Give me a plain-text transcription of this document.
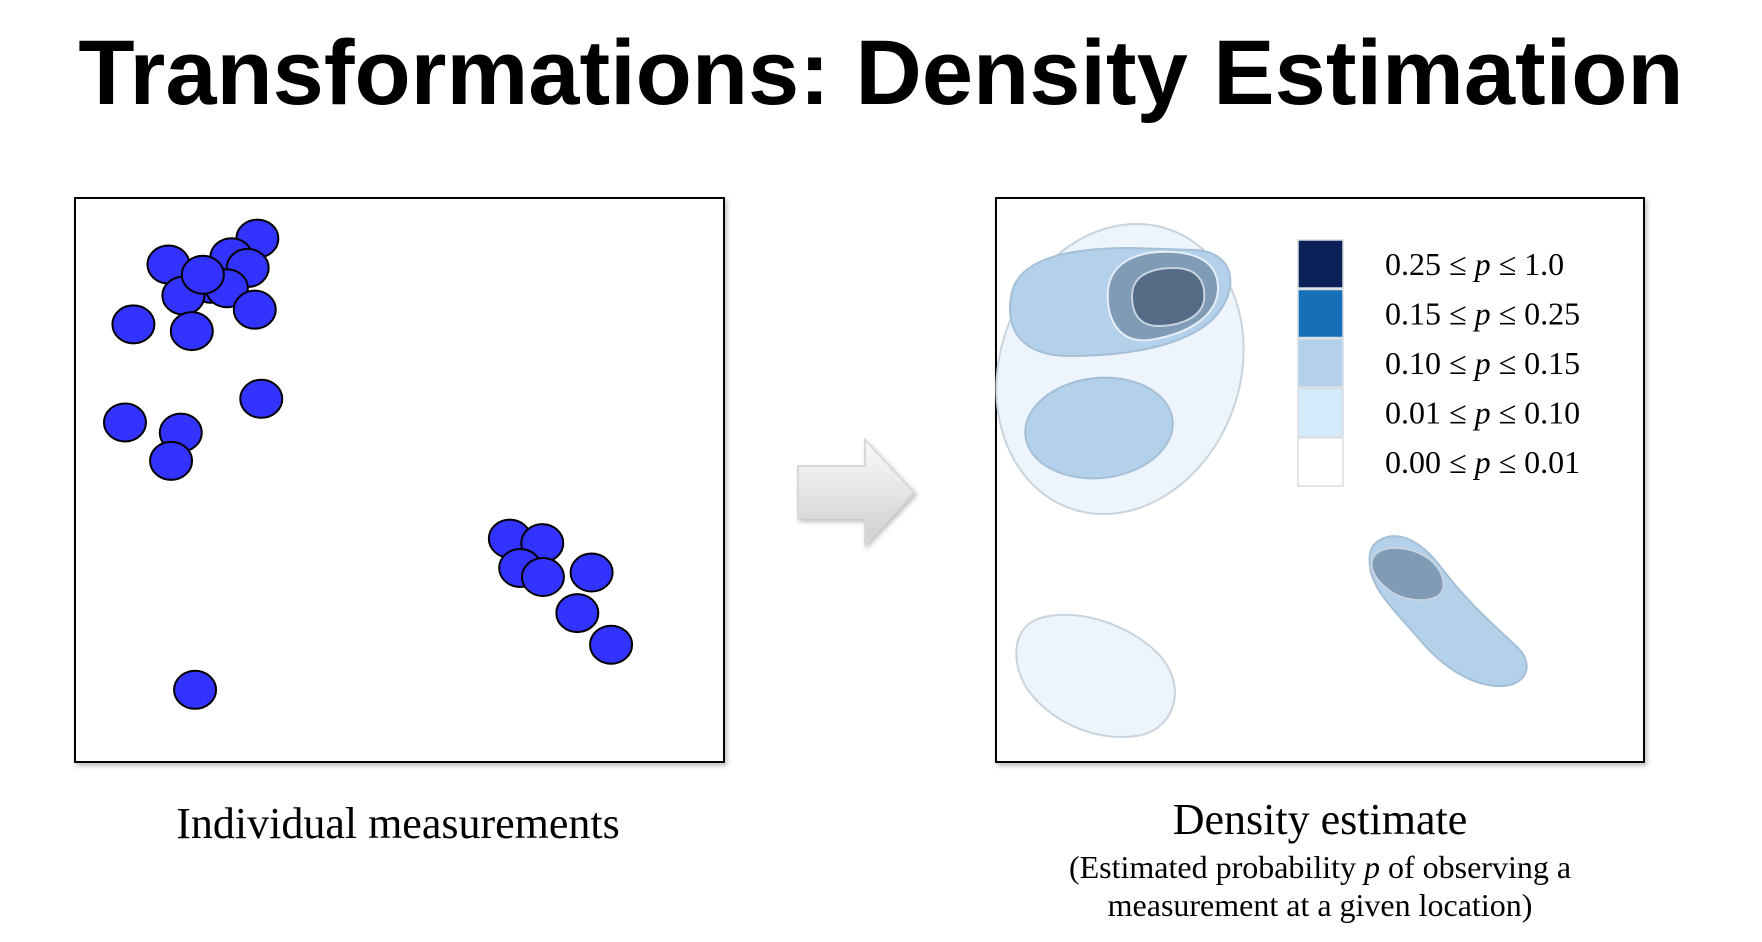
Transformations: Density Estimation
Individual measurements
0.25 ≤ p ≤ 1.0
0.15 ≤ p ≤ 0.25
0.10 ≤ p ≤ 0.15
0.01 ≤ p ≤ 0.10
0.00 ≤ p ≤ 0.01
Density estimate
(Estimated probability p of observing a
measurement at a given location)
